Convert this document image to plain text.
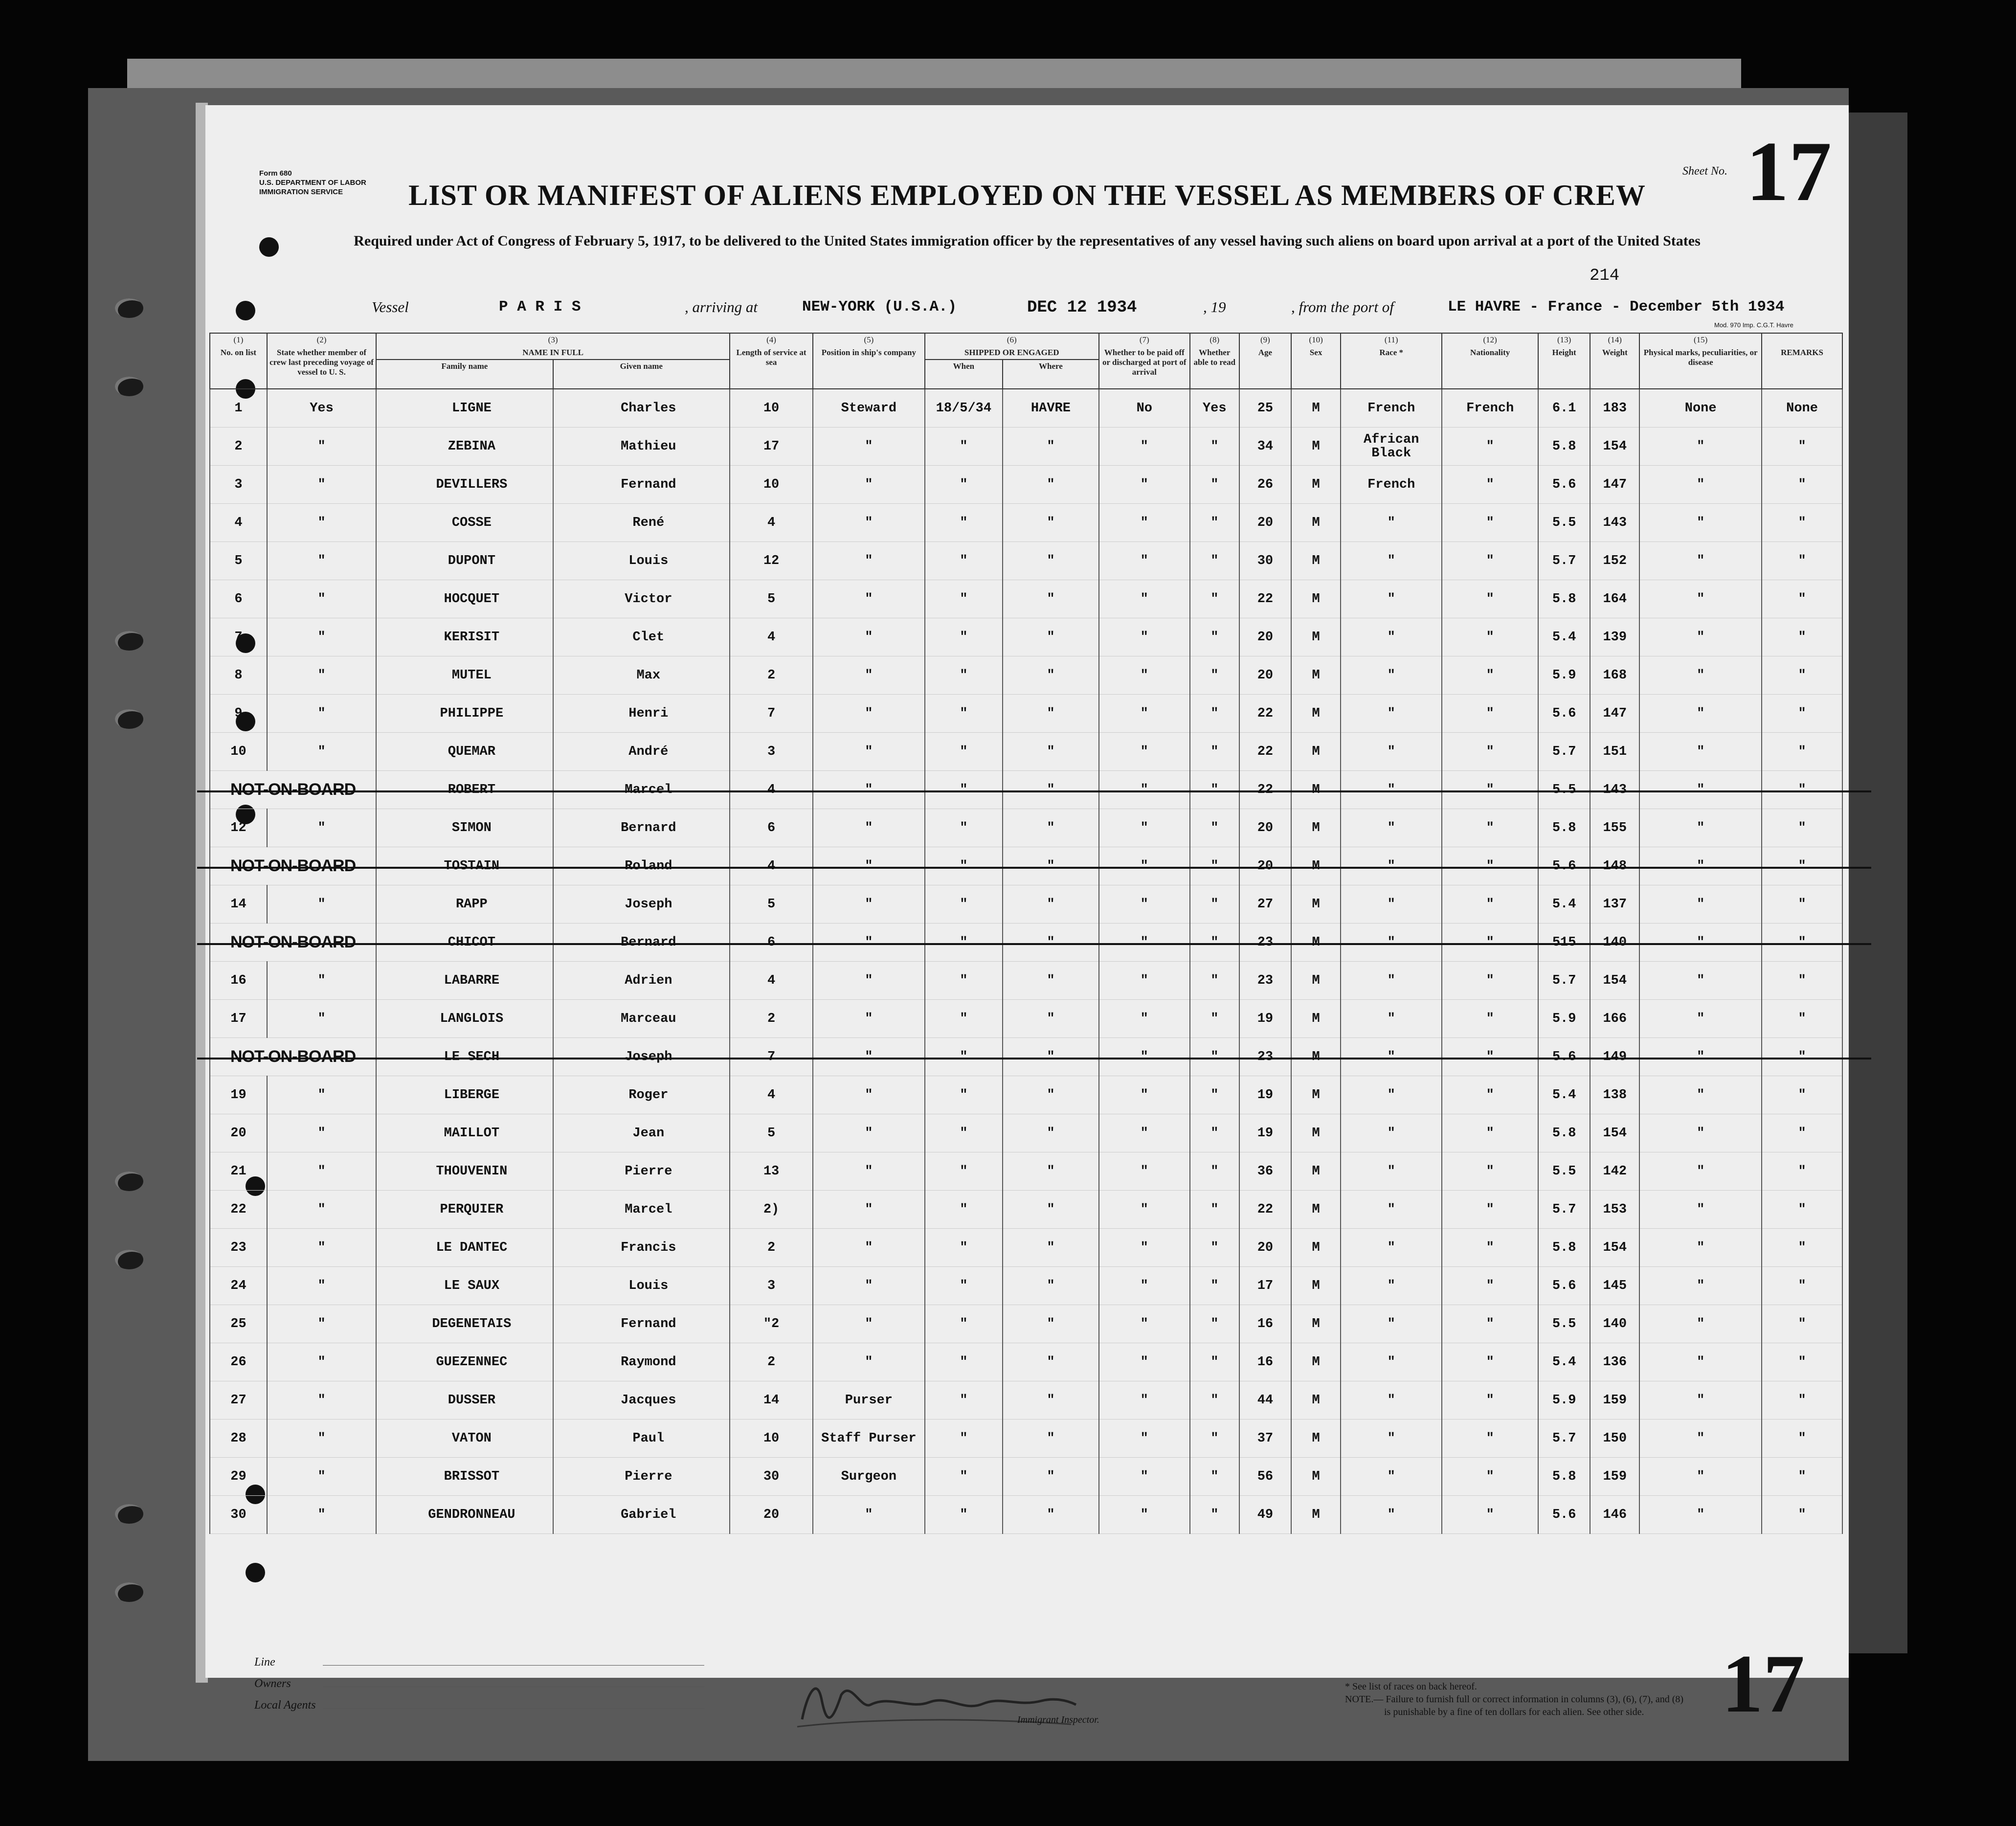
Form 680
U.S. DEPARTMENT OF LABOR
IMMIGRATION SERVICE
Sheet No. 17
LIST OR MANIFEST OF ALIENS EMPLOYED ON THE VESSEL AS MEMBERS OF CREW
Required under Act of Congress of February 5, 1917, to be delivered to the United States immigration officer by the representatives of any vessel having such aliens on board upon arrival at a port of the United States
214
Vessel	P A R I S	, arriving at	NEW-YORK (U.S.A.)	DEC 12 1934	, 19	, from the port of	LE HAVRE - France - December 5th 1934
Mod. 970 Imp. C.G.T. Havre
(1)	(2)	(3)		(4)	(5)	(6)		(7)	(8)	(9)	(10)	(11)	(12)	(13)	(14)	(15)	
No. on list	State whether member of crew last preceding voyage of vessel to U. S.	NAME IN FULL		Length of service at sea	Position in ship's company	SHIPPED OR ENGAGED		Whether to be paid off or discharged at port of arrival	Whether able to read	Age	Sex	Race *	Nationality	Height	Weight	Physical marks, peculiarities, or disease	REMARKS
		Family name	Given name			When	Where										
1	Yes	LIGNE	Charles	10	Steward	18/5/34	HAVRE	No	Yes	25	M	French	French	6.1	183	None	None
2	"	ZEBINA	Mathieu	17	"	"	"	"	"	34	M	African
Black	"	5.8	154	"	"
3	"	DEVILLERS	Fernand	10	"	"	"	"	"	26	M	French	"	5.6	147	"	"
4	"	COSSE	René	4	"	"	"	"	"	20	M	"	"	5.5	143	"	"
5	"	DUPONT	Louis	12	"	"	"	"	"	30	M	"	"	5.7	152	"	"
6	"	HOCQUET	Victor	5	"	"	"	"	"	22	M	"	"	5.8	164	"	"
7	"	KERISIT	Clet	4	"	"	"	"	"	20	M	"	"	5.4	139	"	"
8	"	MUTEL	Max	2	"	"	"	"	"	20	M	"	"	5.9	168	"	"
9	"	PHILIPPE	Henri	7	"	"	"	"	"	22	M	"	"	5.6	147	"	"
10	"	QUEMAR	André	3	"	"	"	"	"	22	M	"	"	5.7	151	"	"
NOT-ON-BOARD		ROBERT	Marcel	4	"	"	"	"	"	22	M	"	"	5.5	143	"	"

12	"	SIMON	Bernard	6	"	"	"	"	"	20	M	"	"	5.8	155	"	"
NOT-ON-BOARD		TOSTAIN	Roland	4	"	"	"	"	"	20	M	"	"	5.6	148	"	"

14	"	RAPP	Joseph	5	"	"	"	"	"	27	M	"	"	5.4	137	"	"
NOT-ON-BOARD		CHICOT	Bernard	6	"	"	"	"	"	23	M	"	"	515	140	"	"

16	"	LABARRE	Adrien	4	"	"	"	"	"	23	M	"	"	5.7	154	"	"
17	"	LANGLOIS	Marceau	2	"	"	"	"	"	19	M	"	"	5.9	166	"	"
NOT-ON-BOARD		LE SECH	Joseph	7	"	"	"	"	"	23	M	"	"	5.6	149	"	"

19	"	LIBERGE	Roger	4	"	"	"	"	"	19	M	"	"	5.4	138	"	"
20	"	MAILLOT	Jean	5	"	"	"	"	"	19	M	"	"	5.8	154	"	"
21	"	THOUVENIN	Pierre	13	"	"	"	"	"	36	M	"	"	5.5	142	"	"
22	"	PERQUIER	Marcel	2)	"	"	"	"	"	22	M	"	"	5.7	153	"	"
23	"	LE DANTEC	Francis	2	"	"	"	"	"	20	M	"	"	5.8	154	"	"
24	"	LE SAUX	Louis	3	"	"	"	"	"	17	M	"	"	5.6	145	"	"
25	"	DEGENETAIS	Fernand	"2	"	"	"	"	"	16	M	"	"	5.5	140	"	"
26	"	GUEZENNEC	Raymond	2	"	"	"	"	"	16	M	"	"	5.4	136	"	"
27	"	DUSSER	Jacques	14	Purser	"	"	"	"	44	M	"	"	5.9	159	"	"
28	"	VATON	Paul	10	Staff Purser	"	"	"	"	37	M	"	"	5.7	150	"	"
29	"	BRISSOT	Pierre	30	Surgeon	"	"	"	"	56	M	"	"	5.8	159	"	"
30	"	GENDRONNEAU	Gabriel	20	"	"	"	"	"	49	M	"	"	5.6	146	"	"
Line
Owners
Local Agents
Immigrant Inspector.
* See list of races on back hereof.
NOTE.— Failure to furnish full or correct information in columns (3), (6), (7), and (8)
is punishable by a fine of ten dollars for each alien. See other side. 17
